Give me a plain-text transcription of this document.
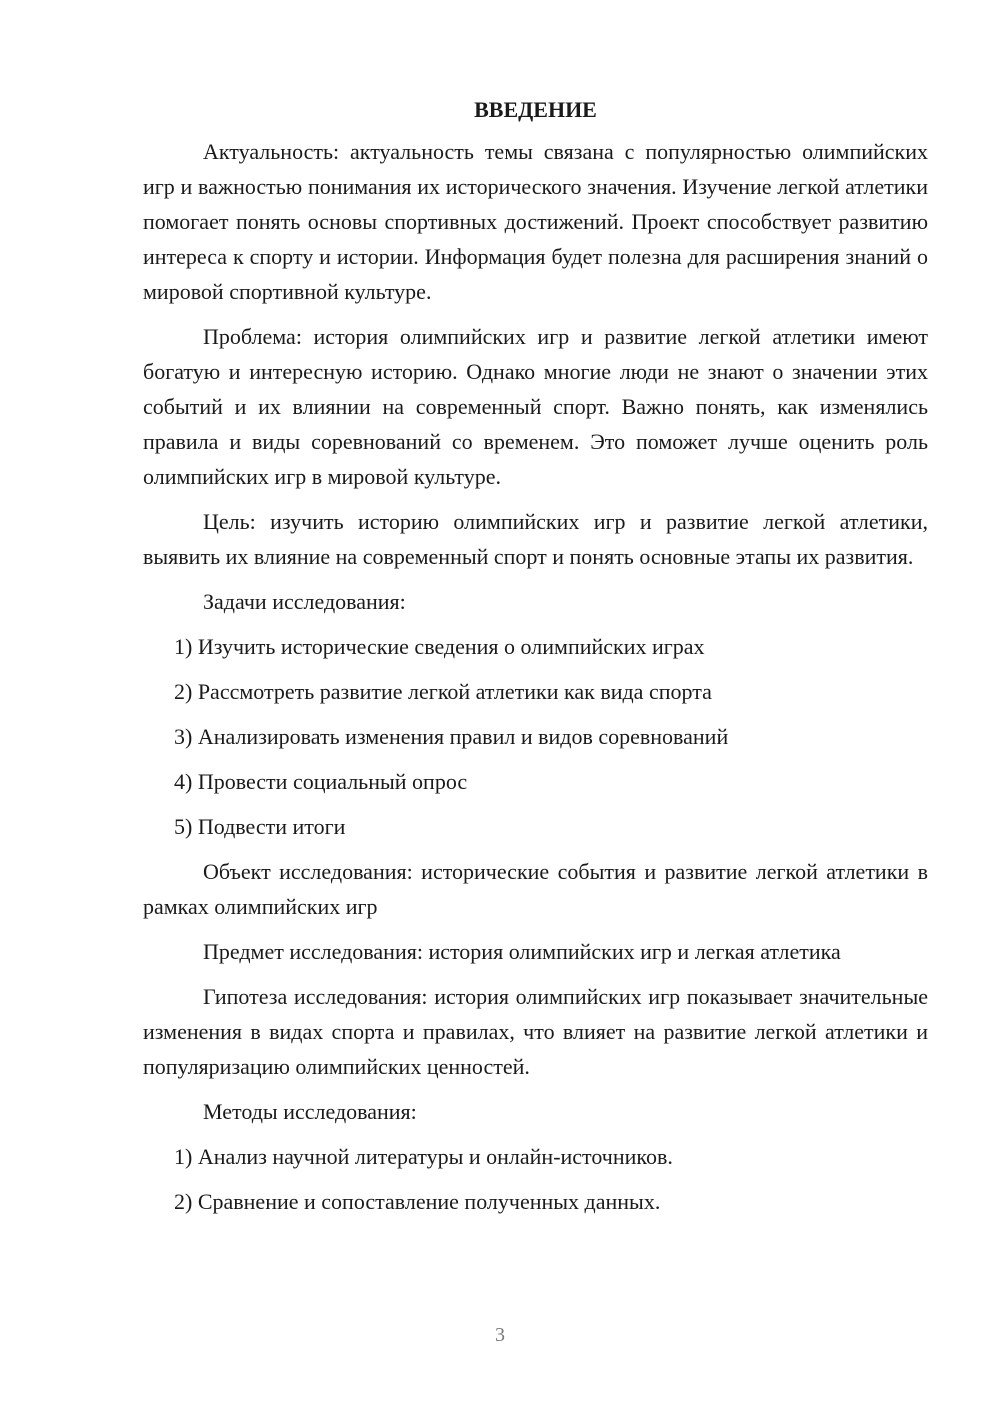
ВВЕДЕНИЕ

Актуальность: актуальность темы связана с популярностью олимпийских игр и важностью понимания их исторического значения. Изучение легкой атлетики помогает понять основы спортивных достижений. Проект способствует развитию интереса к спорту и истории. Информация будет полезна для расширения знаний о мировой спортивной культуре.

Проблема: история олимпийских игр и развитие легкой атлетики имеют богатую и интересную историю. Однако многие люди не знают о значении этих событий и их влиянии на современный спорт. Важно понять, как изменялись правила и виды соревнований со временем. Это поможет лучше оценить роль олимпийских игр в мировой культуре.

Цель: изучить историю олимпийских игр и развитие легкой атлетики, выявить их влияние на современный спорт и понять основные этапы их развития.

Задачи исследования:

1) Изучить исторические сведения о олимпийских играх
2) Рассмотреть развитие легкой атлетики как вида спорта
3) Анализировать изменения правил и видов соревнований
4) Провести социальный опрос
5) Подвести итоги

Объект исследования: исторические события и развитие легкой атлетики в рамках олимпийских игр

Предмет исследования: история олимпийских игр и легкая атлетика

Гипотеза исследования: история олимпийских игр показывает значительные изменения в видах спорта и правилах, что влияет на развитие легкой атлетики и популяризацию олимпийских ценностей.

Методы исследования:

1) Анализ научной литературы и онлайн-источников.
2) Сравнение и сопоставление полученных данных.
3
